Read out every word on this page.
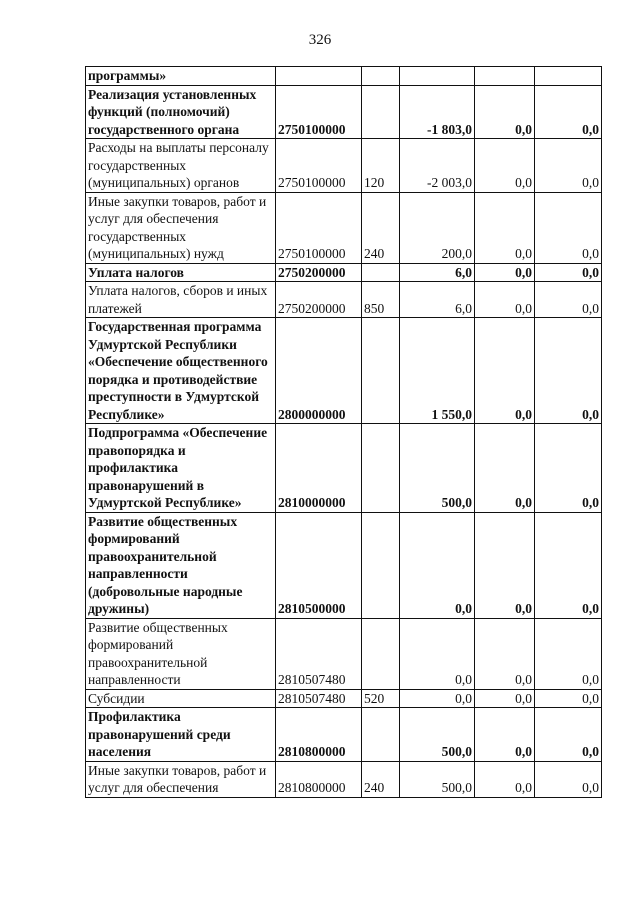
326
программы»					
Реализация установленных функций (полномочий) государственного органа	2750100000		-1 803,0	0,0	0,0
Расходы на выплаты персоналу государственных (муниципальных) органов	2750100000	120	-2 003,0	0,0	0,0
Иные закупки товаров, работ и услуг для обеспечения государственных (муниципальных) нужд	2750100000	240	200,0	0,0	0,0
Уплата налогов	2750200000		6,0	0,0	0,0
Уплата налогов, сборов и иных платежей	2750200000	850	6,0	0,0	0,0
Государственная программа Удмуртской Республики «Обеспечение общественного порядка и противодействие преступности в Удмуртской Республике»	2800000000		1 550,0	0,0	0,0
Подпрограмма «Обеспечение правопорядка и профилактика правонарушений в Удмуртской Республике»	2810000000		500,0	0,0	0,0
Развитие общественных формирований правоохранительной направленности (добровольные народные дружины)	2810500000		0,0	0,0	0,0
Развитие общественных формирований правоохранительной направленности	2810507480		0,0	0,0	0,0
Субсидии	2810507480	520	0,0	0,0	0,0
Профилактика правонарушений среди населения	2810800000		500,0	0,0	0,0
Иные закупки товаров, работ и услуг для обеспечения	2810800000	240	500,0	0,0	0,0
